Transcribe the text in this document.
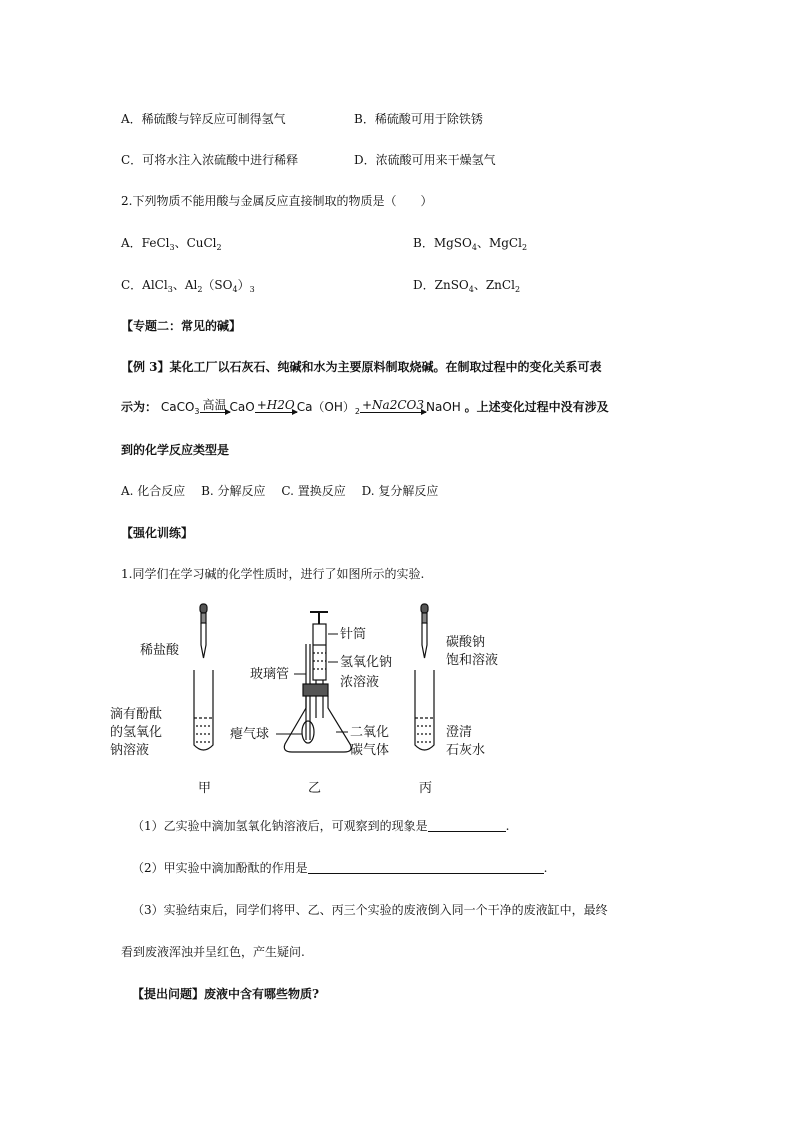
A．稀硫酸与锌反应可制得氢气	B．稀硫酸可用于除铁锈
C．可将水注入浓硫酸中进行稀释	D．浓硫酸可用来干燥氢气
2.下列物质不能用酸与金属反应直接制取的物质是（　　）
A．FeCl$_3$、CuCl$_2$	B．MgSO$_4$、MgCl$_2$
C．AlCl$_3$、$Al_2(SO_4)_3$	D．ZnSO$_4$、ZnCl$_2$
【专题二：常见的碱】
【例 3】某化工厂以石灰石、纯碱和水为主要原料制取烧碱。在制取过程中的变化关系可表
示为： CaCO$_3$ 高温 CaO +H2O $Ca(OH)_2 +Na2CO3$ NaOH 。上述变化过程中没有涉及
到的化学反应类型是
A. 化合反应　 B. 分解反应　 C. 置换反应　 D. 复分解反应
【强化训练】
1.同学们在学习碱的化学性质时，进行了如图所示的实验.
稀盐酸
滴有酚酞
的氢氧化
钠溶液
甲
针筒
氢氧化钠
浓溶液
玻璃管
瘪气球	二氧化
碳气体
乙
碳酸钠
饱和溶液
澄清
石灰水
丙
（1）乙实验中滴加氢氧化钠溶液后，可观察到的现象是	.
（2）甲实验中滴加酚酞的作用是	.
（3）实验结束后，同学们将甲、乙、丙三个实验的废液倒入同一个干净的废液缸中，最终
看到废液浑浊并呈红色，产生疑问.
【提出问题】废液中含有哪些物质?
